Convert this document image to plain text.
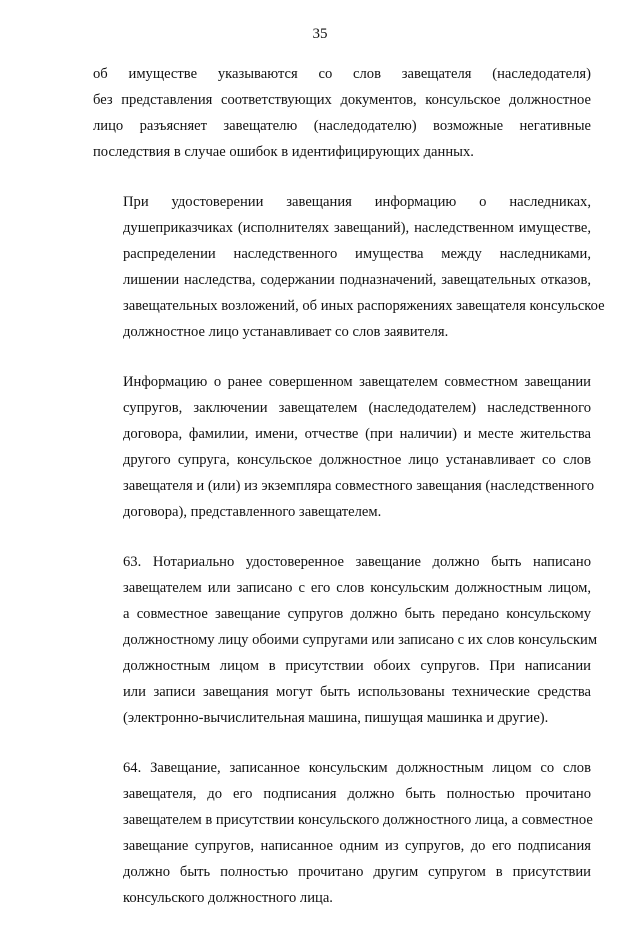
35

об имуществе указываются со слов завещателя (наследодателя)
без представления соответствующих документов, консульское должностное
лицо разъясняет завещателю (наследодателю) возможные негативные
последствия в случае ошибок в идентифицирующих данных.

При удостоверении завещания информацию о наследниках,
душеприказчиках (исполнителях завещаний), наследственном имуществе,
распределении наследственного имущества между наследниками,
лишении наследства, содержании подназначений, завещательных отказов,
завещательных возложений, об иных распоряжениях завещателя консульское
должностное лицо устанавливает со слов заявителя.

Информацию о ранее совершенном завещателем совместном завещании
супругов, заключении завещателем (наследодателем) наследственного
договора, фамилии, имени, отчестве (при наличии) и месте жительства
другого супруга, консульское должностное лицо устанавливает со слов
завещателя и (или) из экземпляра совместного завещания (наследственного
договора), представленного завещателем.

63. Нотариально удостоверенное завещание должно быть написано
завещателем или записано с его слов консульским должностным лицом,
а совместное завещание супругов должно быть передано консульскому
должностному лицу обоими супругами или записано с их слов консульским
должностным лицом в присутствии обоих супругов. При написании
или записи завещания могут быть использованы технические средства
(электронно-вычислительная машина, пишущая машинка и другие).

64. Завещание, записанное консульским должностным лицом со слов
завещателя, до его подписания должно быть полностью прочитано
завещателем в присутствии консульского должностного лица, а совместное
завещание супругов, написанное одним из супругов, до его подписания
должно быть полностью прочитано другим супругом в присутствии
консульского должностного лица.
